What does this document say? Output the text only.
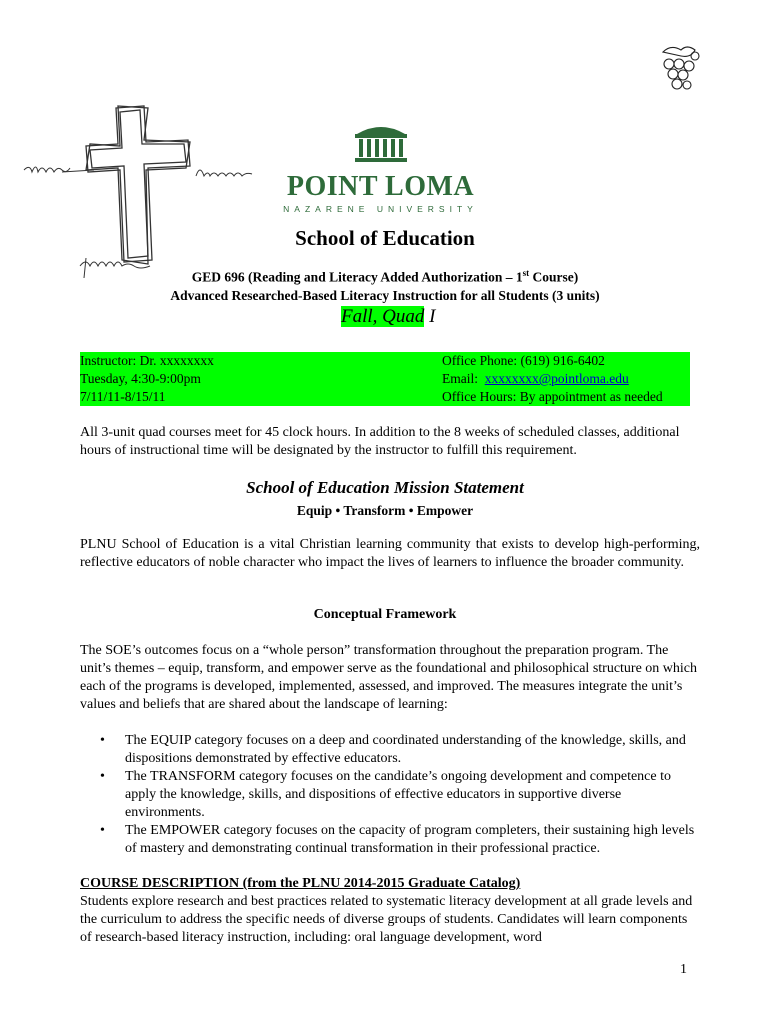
equip
POINT LOMA
NAZARENE UNIVERSITY
School of Education
GED 696 (Reading and Literacy Added Authorization – 1st Course)
Advanced Researched-Based Literacy Instruction for all Students (3 units)
Fall, Quad I
Instructor: Dr. xxxxxxxx
Tuesday, 4:30-9:00pm
7/11/11-8/15/11
Office Phone: (619) 916-6402
Email:  xxxxxxxx@pointloma.edu
Office Hours: By appointment as needed
All 3-unit quad courses meet for 45 clock hours. In addition to the 8 weeks of scheduled classes, additional hours of instructional time will be designated by the instructor to fulfill this requirement.
School of Education Mission Statement
Equip • Transform • Empower
PLNU School of Education is a vital Christian learning community that exists to develop high-performing, reflective educators of noble character who impact the lives of learners to influence the broader community.
Conceptual Framework
The SOE’s outcomes focus on a “whole person” transformation throughout the preparation program. The unit’s themes – equip, transform, and empower serve as the foundational and philosophical structure on which each of the programs is developed, implemented, assessed, and improved. The measures integrate the unit’s values and beliefs that are shared about the landscape of learning:
• The EQUIP category focuses on a deep and coordinated understanding of the knowledge, skills, and dispositions demonstrated by effective educators.
• The TRANSFORM category focuses on the candidate’s ongoing development and competence to apply the knowledge, skills, and dispositions of effective educators in supportive diverse environments.
• The EMPOWER category focuses on the capacity of program completers, their sustaining high levels of mastery and demonstrating continual transformation in their professional practice.
COURSE DESCRIPTION (from the PLNU 2014-2015 Graduate Catalog)
Students explore research and best practices related to systematic literacy development at all grade levels and the curriculum to address the specific needs of diverse groups of students. Candidates will learn components of research-based literacy instruction, including: oral language development, word
1
